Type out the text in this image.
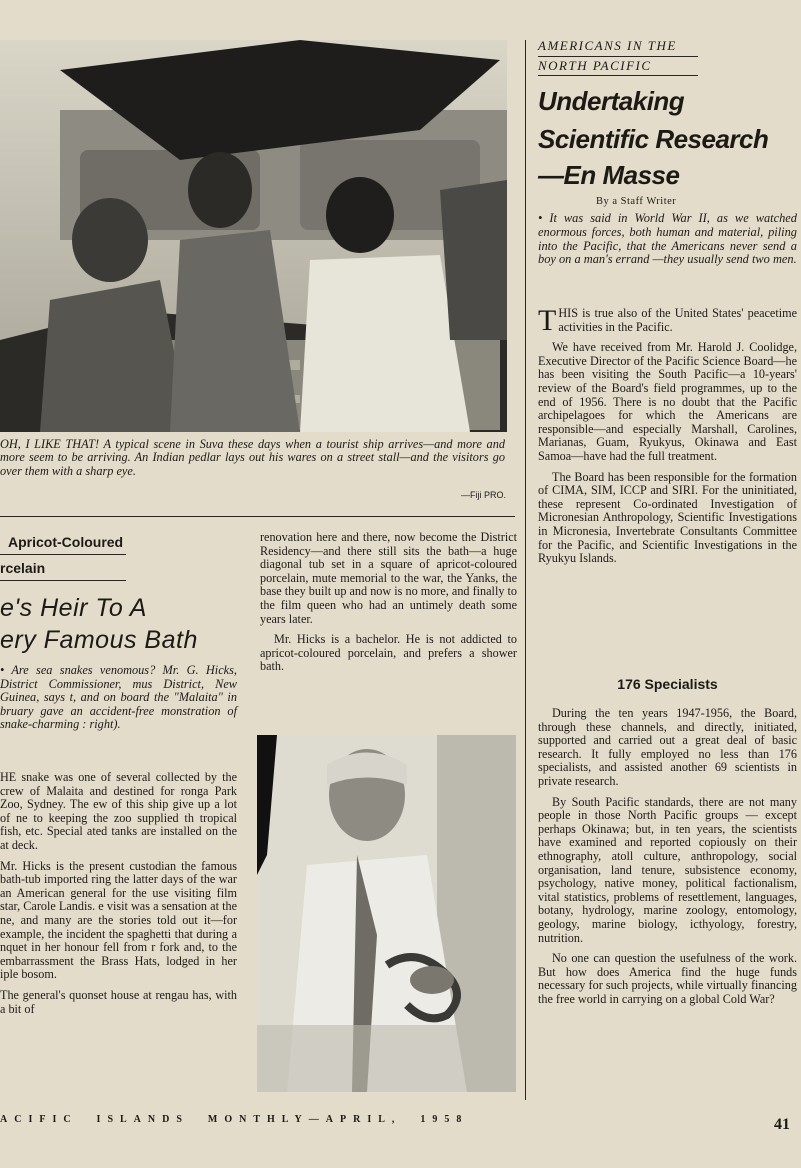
OH, I LIKE THAT! A typical scene in Suva these days when a tourist ship arrives—and more and more seem to be arriving. An Indian pedlar lays out his wares on a street stall—and the visitors go over them with a sharp eye.
—Fiji PRO.
AMERICANS IN THE
NORTH PACIFIC
Undertaking
Scientific Research
—En Masse
By a Staff Writer
• It was said in World War II, as we watched enormous forces, both human and material, piling into the Pacific, that the Americans never send a boy on a man's errand —they usually send two men.

THIS is true also of the United States' peacetime activities in the Pacific.

We have received from Mr. Harold J. Coolidge, Executive Director of the Pacific Science Board—he has been visiting the South Pacific—a 10-years' review of the Board's field programmes, up to the end of 1956. There is no doubt that the Pacific archipelagoes for which the Americans are responsible—and especially Marshall, Carolines, Marianas, Guam, Ryukyus, Okinawa and East Samoa—have had the full treatment.

The Board has been responsible for the formation of CIMA, SIM, ICCP and SIRI. For the uninitiated, these represent Co-ordinated Investigation of Micronesian Anthropology, Scientific Investigations in Micronesia, Invertebrate Consultants Committee for the Pacific, and Scientific Investigations in the Ryukyu Islands.

176 Specialists

During the ten years 1947-1956, the Board, through these channels, and directly, initiated, supported and carried out a great deal of basic research. It fully employed no less than 176 specialists, and assisted another 69 scientists in private research.

By South Pacific standards, there are not many people in those North Pacific groups — except perhaps Okinawa; but, in ten years, the scientists have examined and reported copiously on their ethnography, atoll culture, anthropology, social organisation, land tenure, subsistence economy, psychology, native money, political factionalism, vital statistics, problems of resettlement, languages, botany, hydrology, marine zoology, entomology, geology, marine biology, icthyology, forestry, nutrition.

No one can question the usefulness of the work. But how does America find the huge funds necessary for such projects, while virtually financing the free world in carrying on a global Cold War?

Apricot-Coloured
rcelain
e's Heir To A
ery Famous Bath
• Are sea snakes venomous? Mr. G. Hicks, District Commissioner, mus District, New Guinea, says t, and on board the "Malaita" in bruary gave an accident-free monstration of snake-charming : right).

HE snake was one of several collected by the crew of Malaita and destined for ronga Park Zoo, Sydney. The ew of this ship give up a lot of ne to keeping the zoo supplied th tropical fish, etc. Special ated tanks are installed on the at deck.

Mr. Hicks is the present custodian the famous bath-tub imported ring the latter days of the war an American general for the use visiting film star, Carole Landis. e visit was a sensation at the ne, and many are the stories told out it—for example, the incident the spaghetti that during a nquet in her honour fell from r fork and, to the embarrassment the Brass Hats, lodged in her iple bosom.

The general's quonset house at rengau has, with a bit of

renovation here and there, now become the District Residency—and there still sits the bath—a huge diagonal tub set in a square of apricot-coloured porcelain, mute memorial to the war, the Yanks, the base they built up and now is no more, and finally to the film queen who had an untimely death some years later.

Mr. Hicks is a bachelor. He is not addicted to apricot-coloured porcelain, and prefers a shower bath.

ACIFIC  ISLANDS  MONTHLY—APRIL,  1958	41
